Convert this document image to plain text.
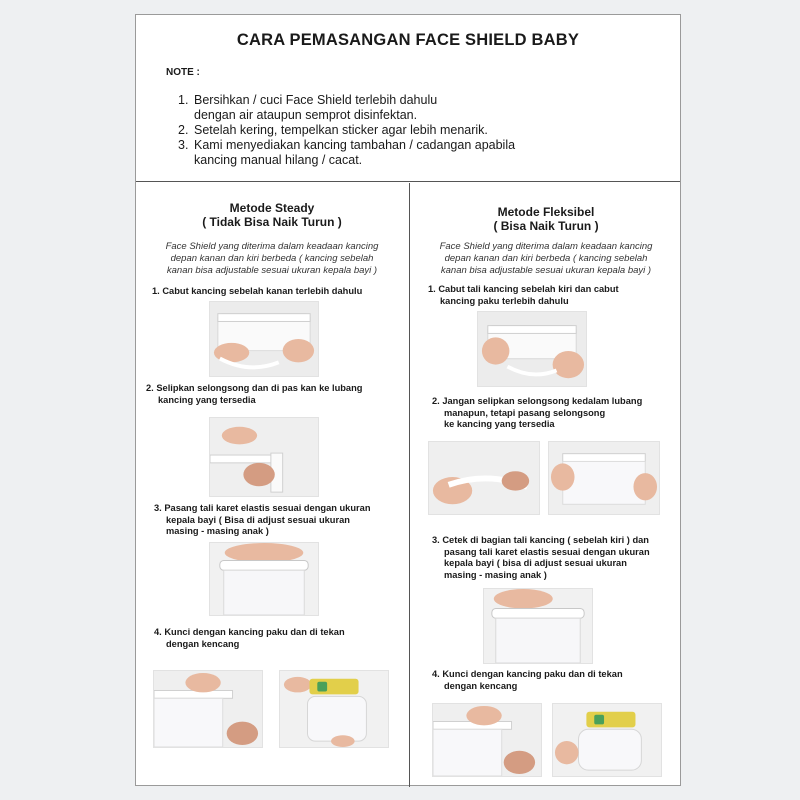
CARA PEMASANGAN FACE SHIELD BABY
NOTE :
1. Bersihkan / cuci Face Shield terlebih dahulu
dengan air ataupun semprot disinfektan.
2. Setelah kering, tempelkan sticker agar lebih menarik.
3. Kami menyediakan kancing tambahan / cadangan apabila
kancing manual hilang / cacat.
Metode Steady
( Tidak Bisa Naik Turun )
Face Shield yang diterima dalam keadaan kancing
depan kanan dan kiri berbeda ( kancing sebelah
kanan bisa adjustable sesuai ukuran kepala bayi )
1. Cabut kancing sebelah kanan terlebih dahulu
2. Selipkan selongsong dan di pas kan ke lubang
kancing yang tersedia
3. Pasang tali karet elastis sesuai dengan ukuran
kepala bayi ( Bisa di adjust sesuai ukuran
masing - masing anak )
4. Kunci dengan kancing paku dan di tekan
dengan kencang
Metode Fleksibel
( Bisa Naik Turun )
Face Shield yang diterima dalam keadaan kancing
depan kanan dan kiri berbeda ( kancing sebelah
kanan bisa adjustable sesuai ukuran kepala bayi )
1. Cabut tali kancing sebelah kiri dan cabut
kancing paku terlebih dahulu
2. Jangan selipkan selongsong kedalam lubang
manapun, tetapi pasang selongsong
ke kancing yang tersedia
3. Cetek di bagian tali kancing ( sebelah kiri ) dan
pasang tali karet elastis sesuai dengan ukuran
kepala bayi ( bisa di adjust sesuai ukuran
masing - masing anak )
4. Kunci dengan kancing paku dan di tekan
dengan kencang
